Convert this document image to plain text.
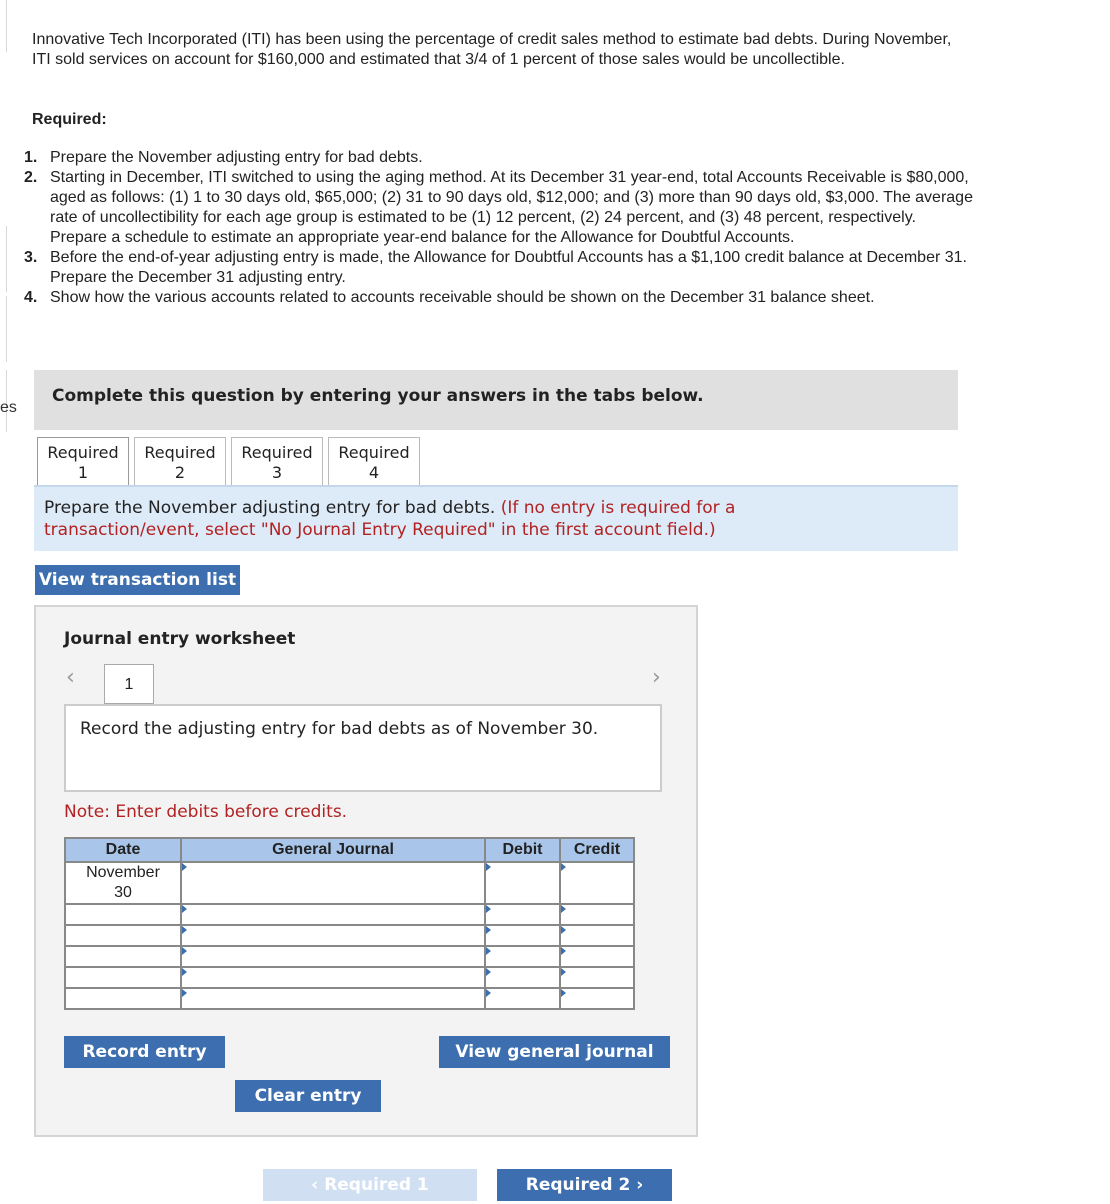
es
Innovative Tech Incorporated (ITI) has been using the percentage of credit sales method to estimate bad debts. During November, ITI sold services on account for $160,000 and estimated that 3/4 of 1 percent of those sales would be uncollectible.
Required:
1. Prepare the November adjusting entry for bad debts.
2. Starting in December, ITI switched to using the aging method. At its December 31 year-end, total Accounts Receivable is $80,000, aged as follows: (1) 1 to 30 days old, $65,000; (2) 31 to 90 days old, $12,000; and (3) more than 90 days old, $3,000. The average rate of uncollectibility for each age group is estimated to be (1) 12 percent, (2) 24 percent, and (3) 48 percent, respectively. Prepare a schedule to estimate an appropriate year-end balance for the Allowance for Doubtful Accounts.
3. Before the end-of-year adjusting entry is made, the Allowance for Doubtful Accounts has a $1,100 credit balance at December 31. Prepare the December 31 adjusting entry.
4. Show how the various accounts related to accounts receivable should be shown on the December 31 balance sheet.
Complete this question by entering your answers in the tabs below.
Required
1
Required
2
Required
3
Required
4
Prepare the November adjusting entry for bad debts. (If no entry is required for a transaction/event, select "No Journal Entry Required" in the first account field.)
View transaction list
Journal entry worksheet
‹	1	›
Record the adjusting entry for bad debts as of November 30.
Note: Enter debits before credits.
Date	General Journal	Debit	Credit

November
30			

Record entry	View general journal
Clear entry
‹ Required 1	Required 2 ›
